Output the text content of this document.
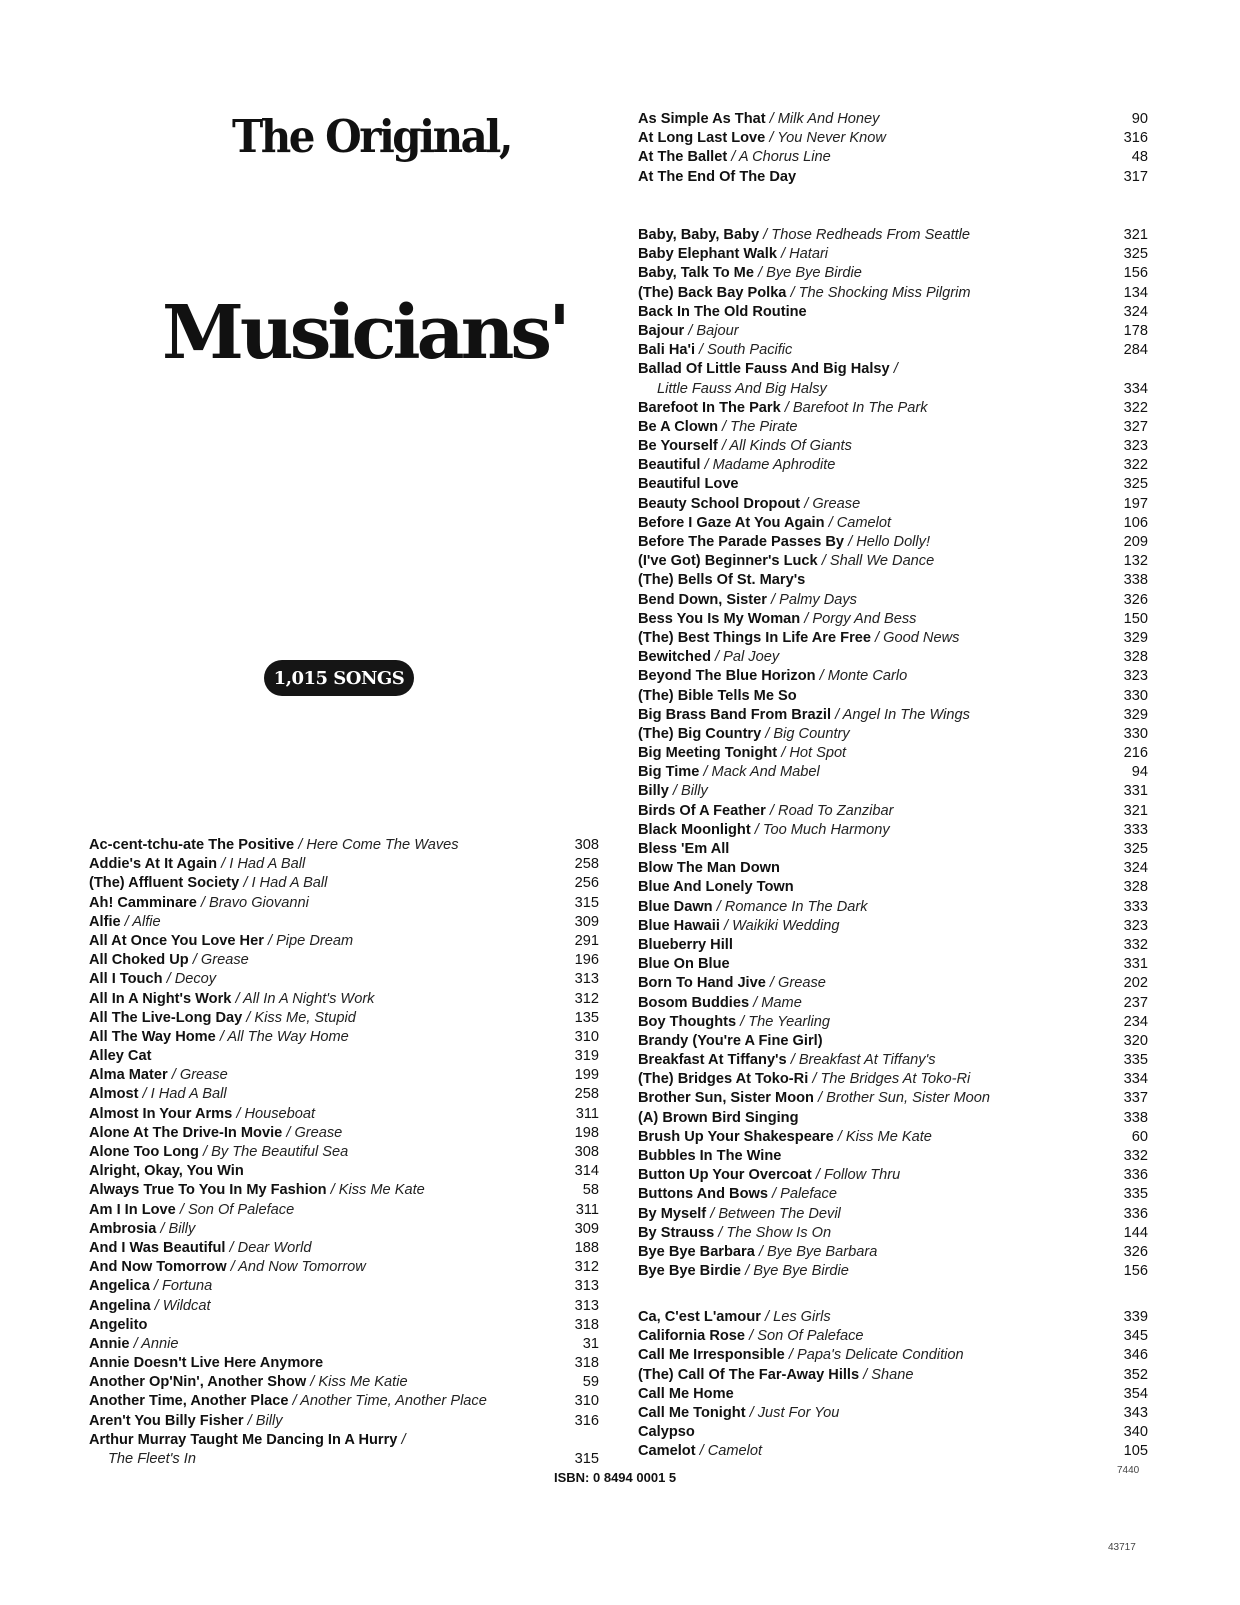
The Original,
Musicians'
1,015 SONGS
Ac-cent-tchu-ate The Positive / Here Come The Waves	308
Addie's At It Again / I Had A Ball	258
(The) Affluent Society / I Had A Ball	256
Ah! Camminare / Bravo Giovanni	315
Alfie / Alfie	309
All At Once You Love Her / Pipe Dream	291
All Choked Up / Grease	196
All I Touch / Decoy	313
All In A Night's Work / All In A Night's Work	312
All The Live-Long Day / Kiss Me, Stupid	135
All The Way Home / All The Way Home	310
Alley Cat	319
Alma Mater / Grease	199
Almost / I Had A Ball	258
Almost In Your Arms / Houseboat	311
Alone At The Drive-In Movie / Grease	198
Alone Too Long / By The Beautiful Sea	308
Alright, Okay, You Win	314
Always True To You In My Fashion / Kiss Me Kate	58
Am I In Love / Son Of Paleface	311
Ambrosia / Billy	309
And I Was Beautiful / Dear World	188
And Now Tomorrow / And Now Tomorrow	312
Angelica / Fortuna	313
Angelina / Wildcat	313
Angelito	318
Annie / Annie	31
Annie Doesn't Live Here Anymore	318
Another Op'Nin', Another Show / Kiss Me Katie	59
Another Time, Another Place / Another Time, Another Place	310
Aren't You Billy Fisher / Billy	316
Arthur Murray Taught Me Dancing In A Hurry /
The Fleet's In	315
As Simple As That / Milk And Honey	90
At Long Last Love / You Never Know	316
At The Ballet / A Chorus Line	48
At The End Of The Day	317
Baby, Baby, Baby / Those Redheads From Seattle	321
Baby Elephant Walk / Hatari	325
Baby, Talk To Me / Bye Bye Birdie	156
(The) Back Bay Polka / The Shocking Miss Pilgrim	134
Back In The Old Routine	324
Bajour / Bajour	178
Bali Ha'i / South Pacific	284
Ballad Of Little Fauss And Big Halsy /
Little Fauss And Big Halsy	334
Barefoot In The Park / Barefoot In The Park	322
Be A Clown / The Pirate	327
Be Yourself / All Kinds Of Giants	323
Beautiful / Madame Aphrodite	322
Beautiful Love	325
Beauty School Dropout / Grease	197
Before I Gaze At You Again / Camelot	106
Before The Parade Passes By / Hello Dolly!	209
(I've Got) Beginner's Luck / Shall We Dance	132
(The) Bells Of St. Mary's	338
Bend Down, Sister / Palmy Days	326
Bess You Is My Woman / Porgy And Bess	150
(The) Best Things In Life Are Free / Good News	329
Bewitched / Pal Joey	328
Beyond The Blue Horizon / Monte Carlo	323
(The) Bible Tells Me So	330
Big Brass Band From Brazil / Angel In The Wings	329
(The) Big Country / Big Country	330
Big Meeting Tonight / Hot Spot	216
Big Time / Mack And Mabel	94
Billy / Billy	331
Birds Of A Feather / Road To Zanzibar	321
Black Moonlight / Too Much Harmony	333
Bless 'Em All	325
Blow The Man Down	324
Blue And Lonely Town	328
Blue Dawn / Romance In The Dark	333
Blue Hawaii / Waikiki Wedding	323
Blueberry Hill	332
Blue On Blue	331
Born To Hand Jive / Grease	202
Bosom Buddies / Mame	237
Boy Thoughts / The Yearling	234
Brandy (You're A Fine Girl)	320
Breakfast At Tiffany's / Breakfast At Tiffany's	335
(The) Bridges At Toko-Ri / The Bridges At Toko-Ri	334
Brother Sun, Sister Moon / Brother Sun, Sister Moon	337
(A) Brown Bird Singing	338
Brush Up Your Shakespeare / Kiss Me Kate	60
Bubbles In The Wine	332
Button Up Your Overcoat / Follow Thru	336
Buttons And Bows / Paleface	335
By Myself / Between The Devil	336
By Strauss / The Show Is On	144
Bye Bye Barbara / Bye Bye Barbara	326
Bye Bye Birdie / Bye Bye Birdie	156
Ca, C'est L'amour / Les Girls	339
California Rose / Son Of Paleface	345
Call Me Irresponsible / Papa's Delicate Condition	346
(The) Call Of The Far-Away Hills / Shane	352
Call Me Home	354
Call Me Tonight / Just For You	343
Calypso	340
Camelot / Camelot	105
ISBN: 0 8494 0001 5	7440
43717
